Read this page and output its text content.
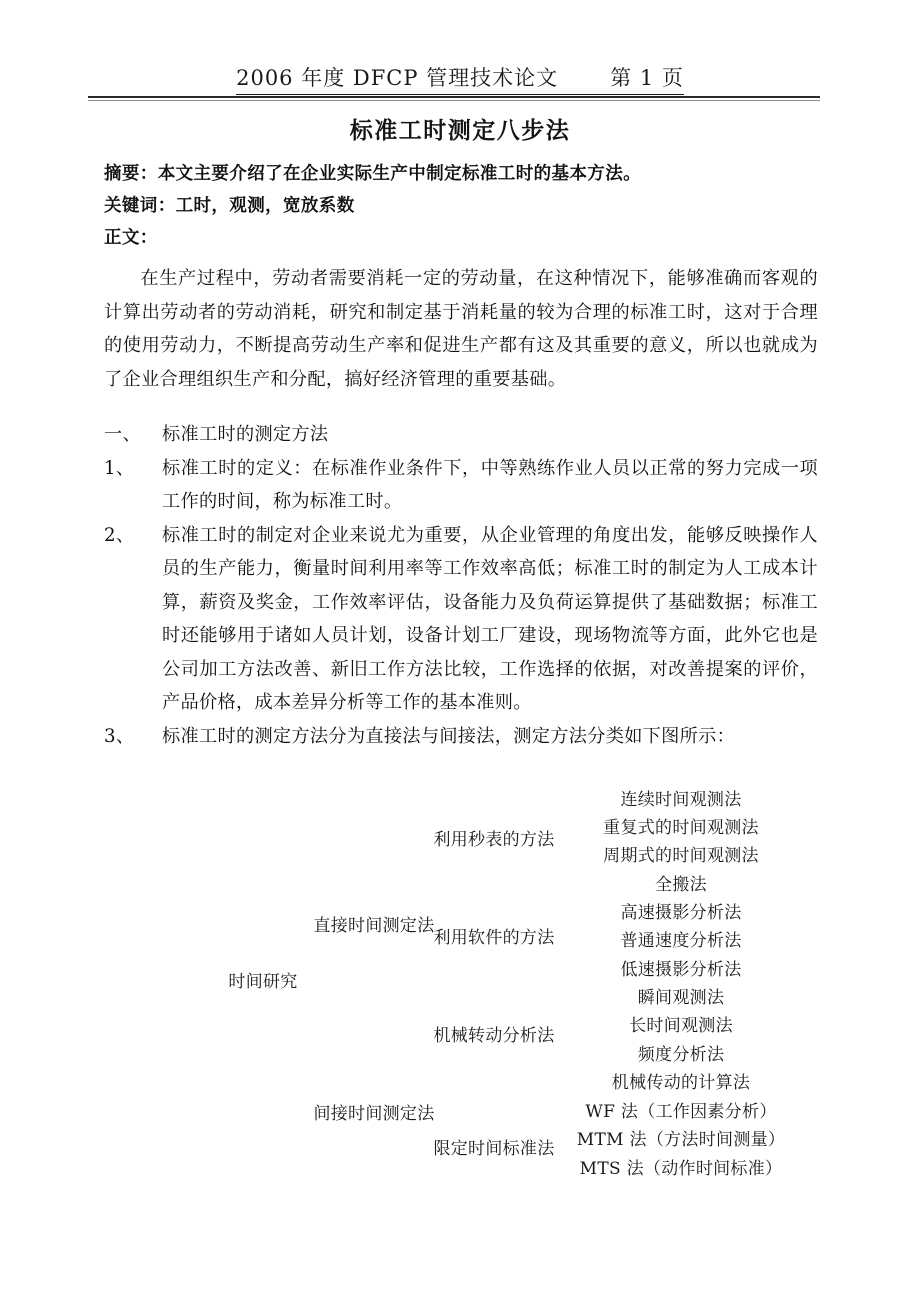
2006 年度 DFCP 管理技术论文 第 1 页
标准工时测定八步法
摘要：本文主要介绍了在企业实际生产中制定标准工时的基本方法。
关键词：工时，观测，宽放系数
正文：
在生产过程中，劳动者需要消耗一定的劳动量，在这种情况下，能够准确而客观的计算出劳动者的劳动消耗，研究和制定基于消耗量的较为合理的标准工时，这对于合理的使用劳动力，不断提高劳动生产率和促进生产都有这及其重要的意义，所以也就成为了企业合理组织生产和分配，搞好经济管理的重要基础。
一、	标准工时的测定方法
1、	标准工时的定义：在标准作业条件下，中等熟练作业人员以正常的努力完成一项工作的时间，称为标准工时。
2、	标准工时的制定对企业来说尤为重要，从企业管理的角度出发，能够反映操作人员的生产能力，衡量时间利用率等工作效率高低；标准工时的制定为人工成本计算，薪资及奖金，工作效率评估，设备能力及负荷运算提供了基础数据；标准工时还能够用于诸如人员计划，设备计划工厂建设，现场物流等方面，此外它也是公司加工方法改善、新旧工作方法比较，工作选择的依据，对改善提案的评价，产品价格，成本差异分析等工作的基本准则。
3、	标准工时的测定方法分为直接法与间接法，测定方法分类如下图所示：
时间研究
直接时间测定法
间接时间测定法
利用秒表的方法
利用软件的方法
机械转动分析法
限定时间标准法
连续时间观测法
重复式的时间观测法
周期式的时间观测法
全搬法
高速摄影分析法
普通速度分析法
低速摄影分析法
瞬间观测法
长时间观测法
频度分析法
机械传动的计算法
WF 法（工作因素分析）
MTM 法（方法时间测量）
MTS 法（动作时间标准）
